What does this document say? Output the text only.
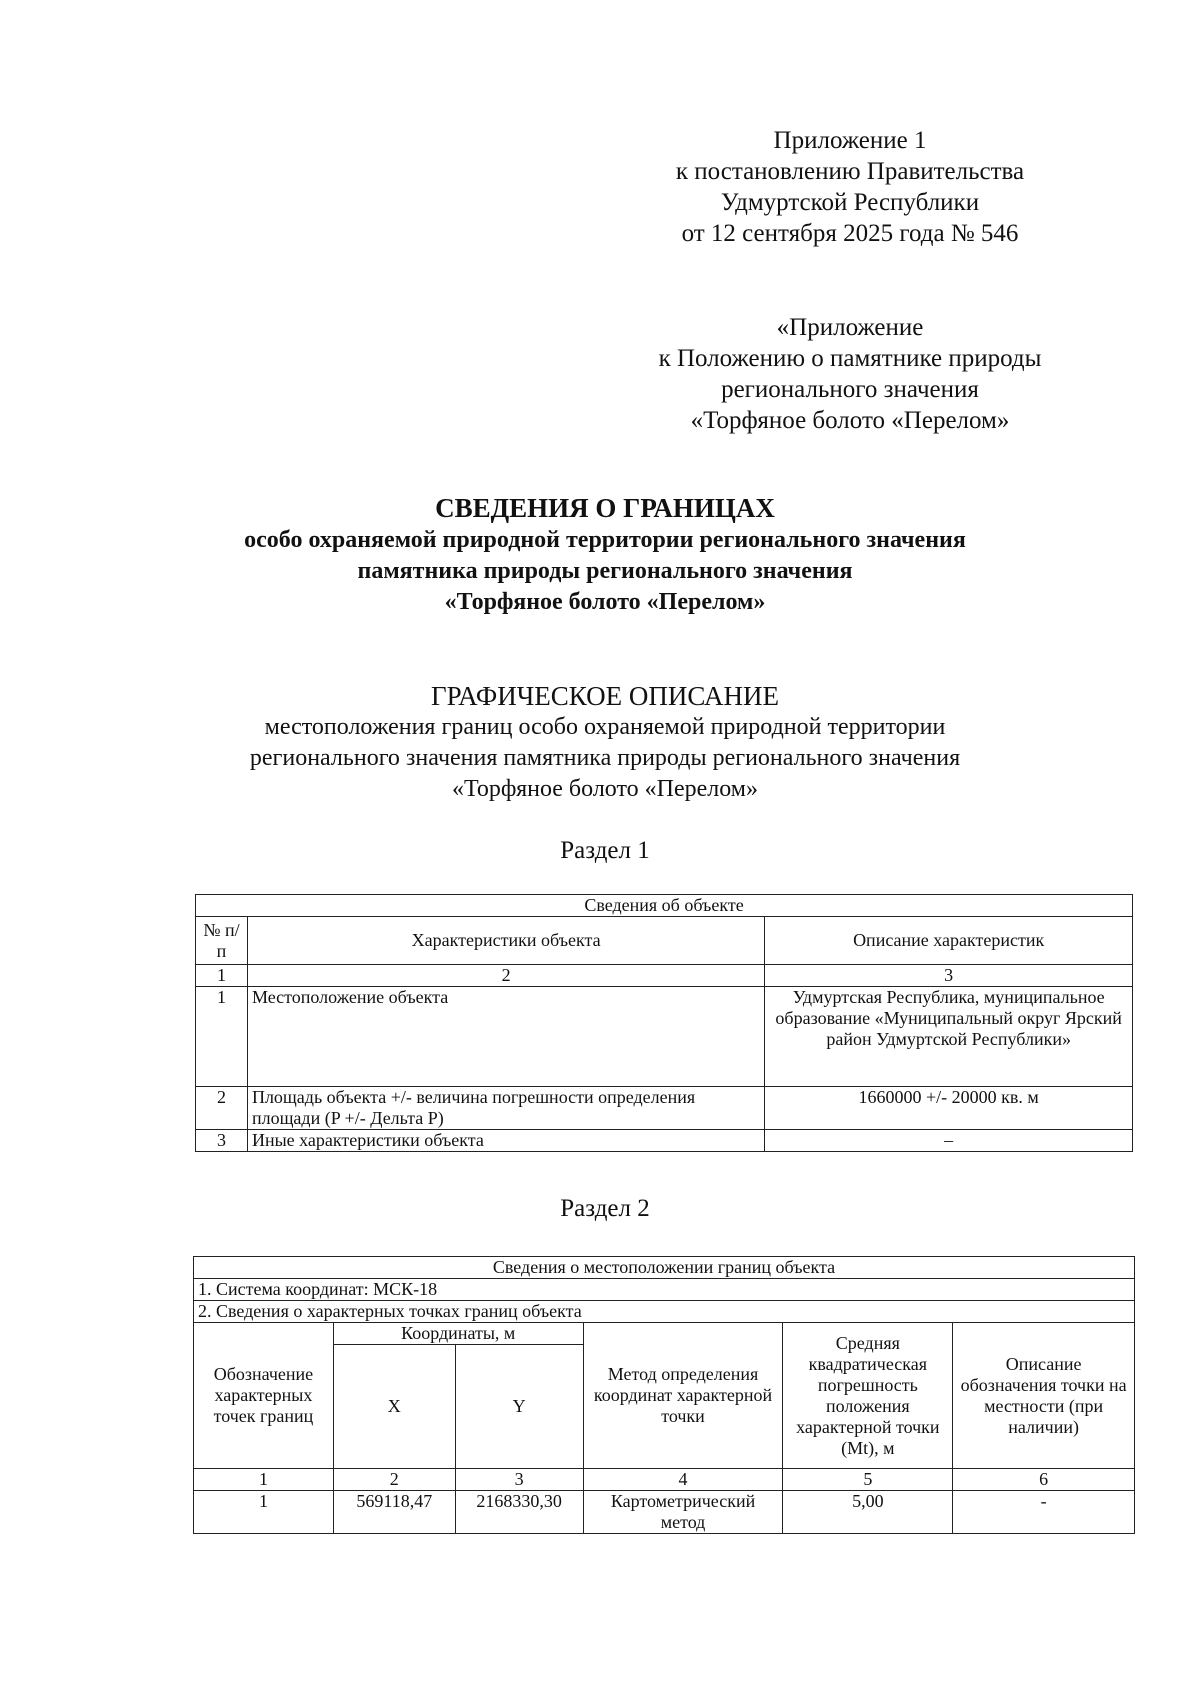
Приложение 1
к постановлению Правительства
Удмуртской Республики
от 12 сентября 2025 года № 546
«Приложение
к Положению о памятнике природы
регионального значения
«Торфяное болото «Перелом»
СВЕДЕНИЯ О ГРАНИЦАХ
особо охраняемой природной территории регионального значения
памятника природы регионального значения
«Торфяное болото «Перелом»
ГРАФИЧЕСКОЕ ОПИСАНИЕ
местоположения границ особо охраняемой природной территории
регионального значения памятника природы регионального значения
«Торфяное болото «Перелом»
Раздел 1
Сведения об объекте		
№ п/п	Характеристики объекта	Описание характеристик
1	2	3
1	Местоположение объекта	Удмуртская Республика, муниципальное образование «Муниципальный округ Ярский район Удмуртской Республики»
2	Площадь объекта +/- величина погрешности определения площади (P +/- Дельта P)	1660000 +/- 20000 кв. м
3	Иные характеристики объекта	–
Раздел 2
Сведения о местоположении границ объекта					
1. Система координат: МСК-18					
2. Сведения о характерных точках границ объекта					
Обозначение характерных точек границ	Координаты, м		Метод определения координат характерной точки	Средняя квадратическая погрешность положения характерной точки (Mt), м	Описание обозначения точки на местности (при наличии)
	X	Y			
1	2	3	4	5	6
1	569118,47	2168330,30	Картометрический метод	5,00	-
